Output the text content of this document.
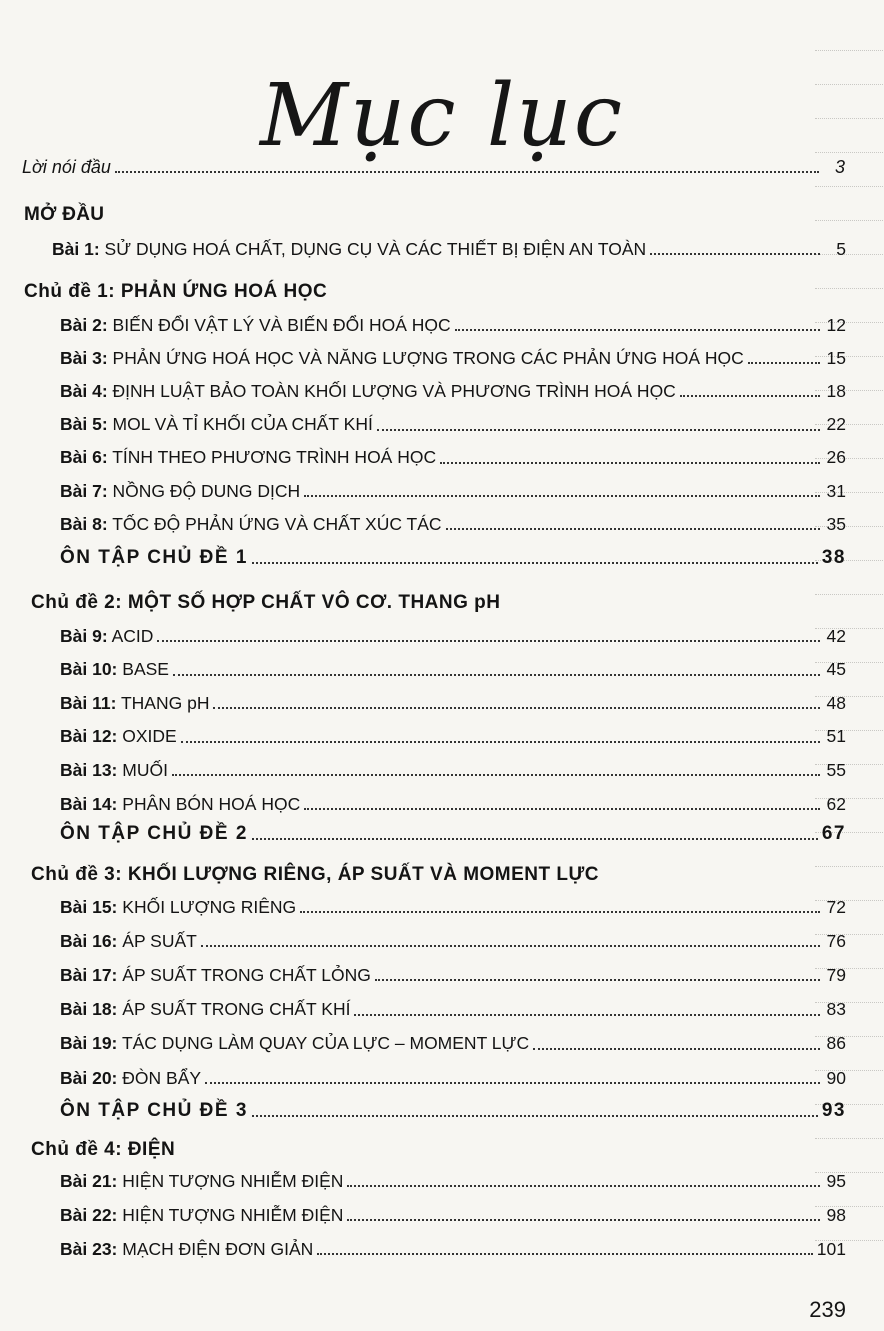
Mục lục
Lời nói đầu	3
MỞ ĐẦU
Bài 1: SỬ DỤNG HOÁ CHẤT, DỤNG CỤ VÀ CÁC THIẾT BỊ ĐIỆN AN TOÀN	5
Chủ đề 1: PHẢN ỨNG HOÁ HỌC
Bài 2: BIẾN ĐỔI VẬT LÝ VÀ BIẾN ĐỔI HOÁ HỌC	12
Bài 3: PHẢN ỨNG HOÁ HỌC VÀ NĂNG LƯỢNG TRONG CÁC PHẢN ỨNG HOÁ HỌC	15
Bài 4: ĐỊNH LUẬT BẢO TOÀN KHỐI LƯỢNG VÀ PHƯƠNG TRÌNH HOÁ HỌC	18
Bài 5: MOL VÀ TỈ KHỐI CỦA CHẤT KHÍ	22
Bài 6: TÍNH THEO PHƯƠNG TRÌNH HOÁ HỌC	26
Bài 7: NỒNG ĐỘ DUNG DỊCH	31
Bài 8: TỐC ĐỘ PHẢN ỨNG VÀ CHẤT XÚC TÁC	35
ÔN TẬP CHỦ ĐỀ 1	38
Chủ đề 2: MỘT SỐ HỢP CHẤT VÔ CƠ. THANG pH
Bài 9: ACID	42
Bài 10: BASE	45
Bài 11: THANG pH	48
Bài 12: OXIDE	51
Bài 13: MUỐI	55
Bài 14: PHÂN BÓN HOÁ HỌC	62
ÔN TẬP CHỦ ĐỀ 2	67
Chủ đề 3: KHỐI LƯỢNG RIÊNG, ÁP SUẤT VÀ MOMENT LỰC
Bài 15: KHỐI LƯỢNG RIÊNG	72
Bài 16: ÁP SUẤT	76
Bài 17: ÁP SUẤT TRONG CHẤT LỎNG	79
Bài 18: ÁP SUẤT TRONG CHẤT KHÍ	83
Bài 19: TÁC DỤNG LÀM QUAY CỦA LỰC – MOMENT LỰC	86
Bài 20: ĐÒN BẨY	90
ÔN TẬP CHỦ ĐỀ 3	93
Chủ đề 4: ĐIỆN
Bài 21: HIỆN TƯỢNG NHIỄM ĐIỆN	95
Bài 22: HIỆN TƯỢNG NHIỄM ĐIỆN	98
Bài 23: MẠCH ĐIỆN ĐƠN GIẢN	101
239
